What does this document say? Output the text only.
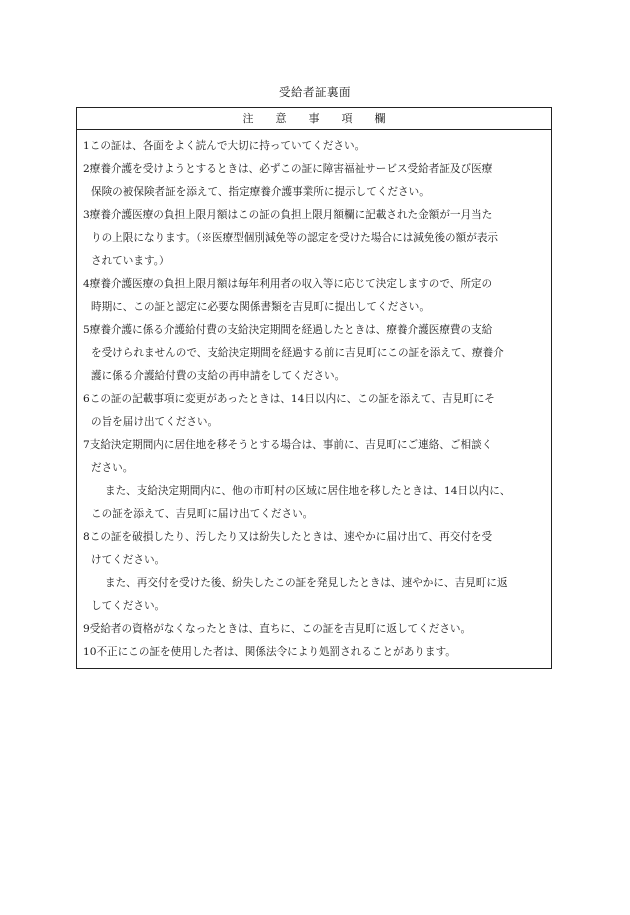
受給者証裏面
注意事項欄
1この証は、各面をよく読んで大切に持っていてください。
2療養介護を受けようとするときは、必ずこの証に障害福祉サービス受給者証及び医療
保険の被保険者証を添えて、指定療養介護事業所に提示してください。
3療養介護医療の負担上限月額はこの証の負担上限月額欄に記載された金額が一月当た
りの上限になります。（※医療型個別減免等の認定を受けた場合には減免後の額が表示
されています。）
4療養介護医療の負担上限月額は毎年利用者の収入等に応じて決定しますので、所定の
時期に、この証と認定に必要な関係書類を吉見町に提出してください。
5療養介護に係る介護給付費の支給決定期間を経過したときは、療養介護医療費の支給
を受けられませんので、支給決定期間を経過する前に吉見町にこの証を添えて、療養介
護に係る介護給付費の支給の再申請をしてください。
6この証の記載事項に変更があったときは、14日以内に、この証を添えて、吉見町にそ
の旨を届け出てください。
7支給決定期間内に居住地を移そうとする場合は、事前に、吉見町にご連絡、ご相談く
ださい。
また、支給決定期間内に、他の市町村の区域に居住地を移したときは、14日以内に、
この証を添えて、吉見町に届け出てください。
8この証を破損したり、汚したり又は紛失したときは、速やかに届け出て、再交付を受
けてください。
また、再交付を受けた後、紛失したこの証を発見したときは、速やかに、吉見町に返
してください。
9受給者の資格がなくなったときは、直ちに、この証を吉見町に返してください。
10不正にこの証を使用した者は、関係法令により処罰されることがあります。
